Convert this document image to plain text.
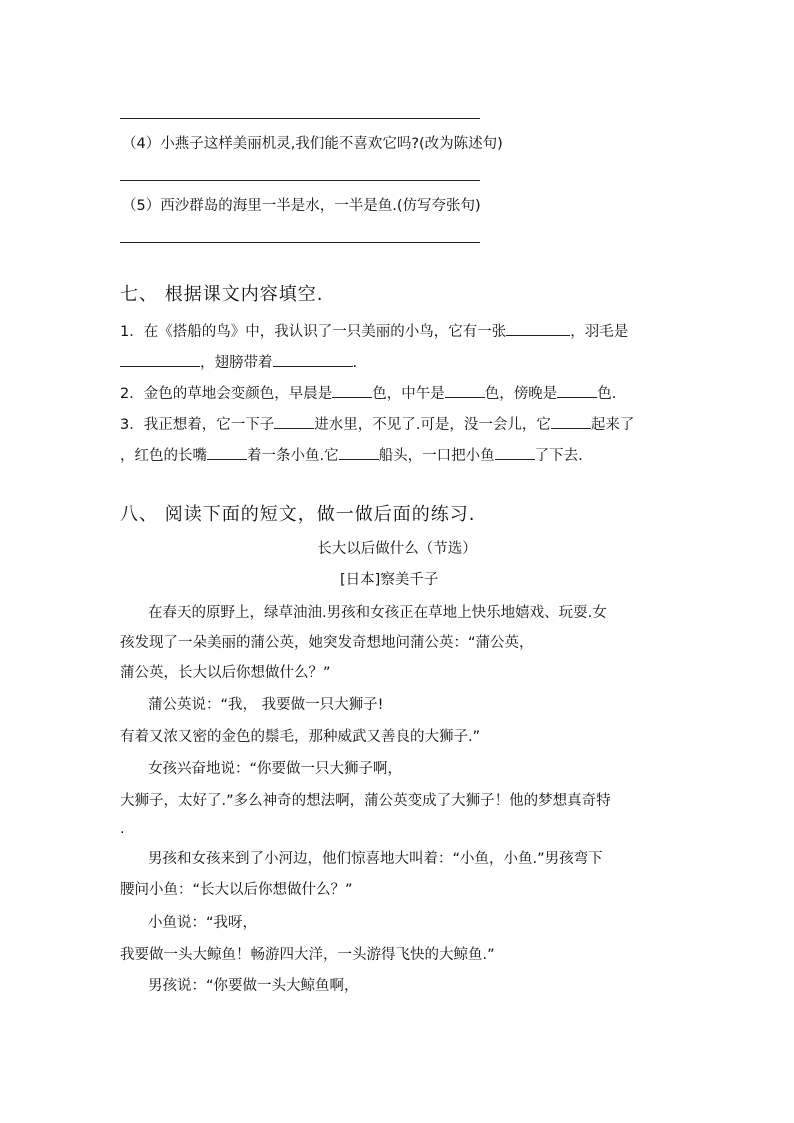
（4）小燕子这样美丽机灵,我们能不喜欢它吗?(改为陈述句)
（5）西沙群岛的海里一半是水，一半是鱼.(仿写夸张句)
七、 根据课文内容填空.
1．在《搭船的鸟》中，我认识了一只美丽的小鸟，它有一张	，羽毛是
，翅膀带着	.
2．金色的草地会变颜色，早晨是	色，中午是	色，傍晚是	色.
3．我正想着，它一下子	进水里，不见了.可是，没一会儿，它	起来了
，红色的长嘴	着一条小鱼.它	船头，一口把小鱼	了下去.
八、 阅读下面的短文，做一做后面的练习.
长大以后做什么（节选）
[日本]察美千子
在春天的原野上，绿草油油.男孩和女孩正在草地上快乐地嬉戏、玩耍.女
孩发现了一朵美丽的蒲公英，她突发奇想地问蒲公英：“蒲公英，
蒲公英，长大以后你想做什么？”
蒲公英说：“我， 我要做一只大狮子!
有着又浓又密的金色的鬃毛，那种威武又善良的大狮子.”
女孩兴奋地说：“你要做一只大狮子啊，
大狮子，太好了.”多么神奇的想法啊，蒲公英变成了大狮子！他的梦想真奇特
.
男孩和女孩来到了小河边，他们惊喜地大叫着：“小鱼，小鱼.”男孩弯下
腰问小鱼：“长大以后你想做什么？”
小鱼说：“我呀，
我要做一头大鲸鱼！畅游四大洋，一头游得飞快的大鲸鱼.”
男孩说：“你要做一头大鲸鱼啊，
